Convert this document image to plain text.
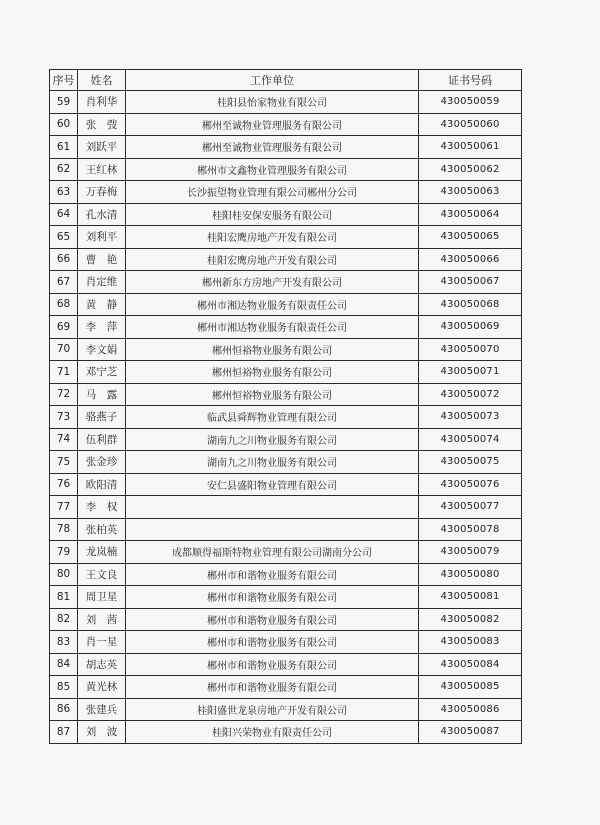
序号	姓名	工作单位	证书号码
59	肖利华	桂阳县怡家物业有限公司	430050059
60	张　弢	郴州至诚物业管理服务有限公司	430050060
61	刘跃平	郴州至诚物业管理服务有限公司	430050061
62	王红林	郴州市文鑫物业管理服务有限公司	430050062
63	万春梅	长沙振望物业管理有限公司郴州分公司	430050063
64	孔水清	桂阳桂安保安服务有限公司	430050064
65	刘利平	桂阳宏鹰房地产开发有限公司	430050065
66	曹　艳	桂阳宏鹰房地产开发有限公司	430050066
67	肖定维	郴州新东方房地产开发有限公司	430050067
68	黄　静	郴州市湘达物业服务有限责任公司	430050068
69	李　萍	郴州市湘达物业服务有限责任公司	430050069
70	李文娟	郴州恒裕物业服务有限公司	430050070
71	邓宁芝	郴州恒裕物业服务有限公司	430050071
72	马　露	郴州恒裕物业服务有限公司	430050072
73	骆燕子	临武县舜辉物业管理有限公司	430050073
74	伍利群	湖南九之川物业服务有限公司	430050074
75	张金珍	湖南九之川物业服务有限公司	430050075
76	欧阳清	安仁县盛阳物业管理有限公司	430050076
77	李　权		430050077
78	张柏英		430050078
79	龙岚楠	成都顺得福斯特物业管理有限公司湖南分公司	430050079
80	王文良	郴州市和谐物业服务有限公司	430050080
81	周卫星	郴州市和谐物业服务有限公司	430050081
82	刘　茜	郴州市和谐物业服务有限公司	430050082
83	肖一星	郴州市和谐物业服务有限公司	430050083
84	胡志英	郴州市和谐物业服务有限公司	430050084
85	黄光林	郴州市和谐物业服务有限公司	430050085
86	张建兵	桂阳盛世龙泉房地产开发有限公司	430050086
87	刘　波	桂阳兴荣物业有限责任公司	430050087
